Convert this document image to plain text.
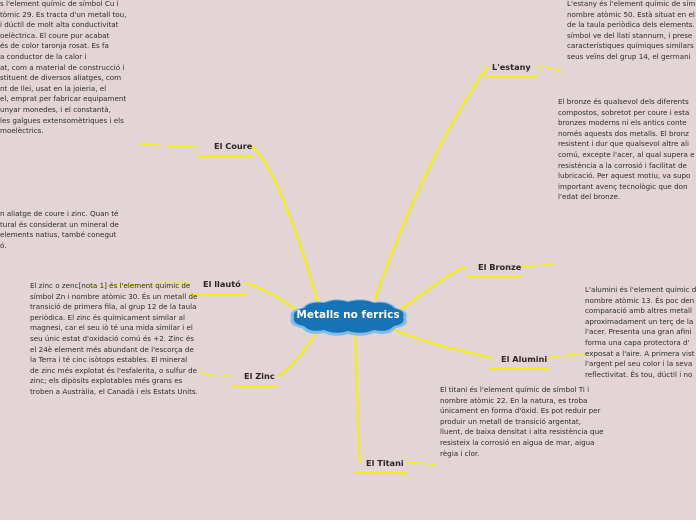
Metalls no ferrics
El Coure

s l'element químic de símbol Cu i
tòmic 29. Es tracta d'un metall tou,
i dúctil de molt alta conductivitat
oelèctrica. El coure pur acabat
és de color taronja rosat. Es fa
a conductor de la calor i
at, com a material de construcció i
stituent de diversos aliatges, com
nt de llei, usat en la joieria, el
el, emprat per fabricar equipament
unyar monedes, i el constantà,
les galgues extensomètriques i els
moelèctrics.

El llautó

n aliatge de coure i zinc. Quan té
tural és considerat un mineral de
elements natius, també conegut
ó.

El Zinc

El zinc o zenc[nota 1] és l'element químic de
símbol Zn i nombre atòmic 30. És un metall de
transició de primera fila, al grup 12 de la taula
periòdica. El zinc és químicament similar al
magnesi, car el seu iò té una mida similar i el
seu únic estat d'oxidació comú és +2. Zinc és
el 24è element més abundant de l'escorça de
la Terra i té cinc isòtops estables. El mineral
de zinc més explotat és l'esfalerita, o sulfur de
zinc; els dipòsits explotables més grans es
troben a Austràlia, el Canadà i els Estats Units.

L'estany

L'estany és l'element químic de sím
nombre atòmic 50. Està situat en el
de la taula periòdica dels elements.
símbol ve del llatí stannum, i prese
característiques químiques similars
seus veïns del grup 14, el germani

El Bronze

El bronze és qualsevol dels diferents
compostos, sobretot per coure i esta
bronzes moderns ni els antics conte
només aquests dos metalls. El bronz
resistent i dur que qualsevol altre ali
comú, excepte l'acer, al qual supera e
resistència a la corrosió i facilitat de
lubricació. Per aquest motiu, va supo
important avenç tecnològic que don
l'edat del bronze.

El Alumini

L'alumini és l'element químic d
nombre atòmic 13. És poc den
comparació amb altres metall
aproximadament un terç de la
l'acer. Presenta una gran afini
forma una capa protectora d'
exposat a l'aire. A primera vist
l'argent pel seu color i la seva
reflectivitat. És tou, dúctil i no

El Titani

El titani és l'element químic de símbol Ti i
nombre atòmic 22. En la natura, es troba
únicament en forma d'òxid. Es pot reduir per
produir un metall de transició argentat,
lluent, de baixa densitat i alta resistència que
resisteix la corrosió en aigua de mar, aigua
règia i clor.
